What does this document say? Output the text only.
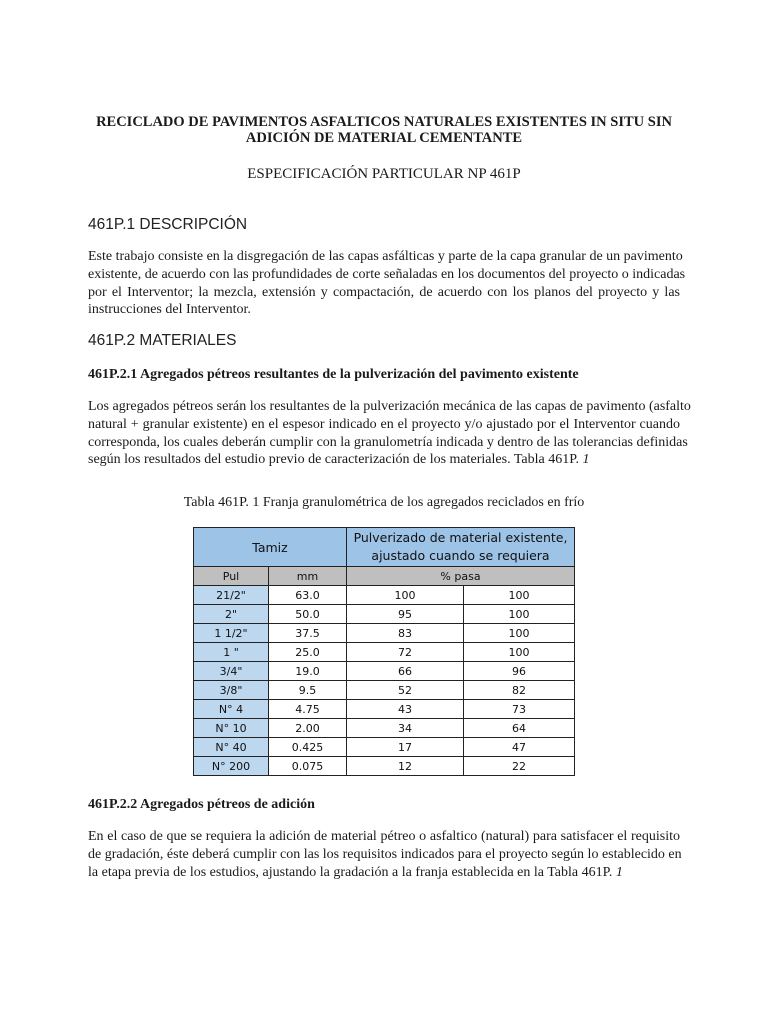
RECICLADO DE PAVIMENTOS ASFALTICOS NATURALES EXISTENTES IN SITU SIN
ADICIÓN DE MATERIAL CEMENTANTE
ESPECIFICACIÓN PARTICULAR NP 461P
461P.1 DESCRIPCIÓN
Este trabajo consiste en la disgregación de las capas asfálticas y parte de la capa granular de un pavimento
existente, de acuerdo con las profundidades de corte señaladas en los documentos del proyecto o indicadas
por el Interventor; la mezcla, extensión y compactación, de acuerdo con los planos del proyecto y las
instrucciones del Interventor.
461P.2 MATERIALES
461P.2.1 Agregados pétreos resultantes de la pulverización del pavimento existente
Los agregados pétreos serán los resultantes de la pulverización mecánica de las capas de pavimento (asfalto
natural + granular existente) en el espesor indicado en el proyecto y/o ajustado por el Interventor cuando
corresponda, los cuales deberán cumplir con la granulometría indicada y dentro de las tolerancias definidas
según los resultados del estudio previo de caracterización de los materiales. Tabla 461P. 1
Tabla 461P. 1 Franja granulométrica de los agregados reciclados en frío
Tamiz		Pulverizado de material existente,
ajustado cuando se requiera	

Pul	mm	% pasa	
21/2"	63.0	100	100
2"	50.0	95	100
1 1/2"	37.5	83	100
1 "	25.0	72	100
3/4"	19.0	66	96
3/8"	9.5	52	82
N° 4	4.75	43	73
N° 10	2.00	34	64
N° 40	0.425	17	47
N° 200	0.075	12	22
461P.2.2 Agregados pétreos de adición
En el caso de que se requiera la adición de material pétreo o asfaltico (natural) para satisfacer el requisito
de gradación, éste deberá cumplir con las los requisitos indicados para el proyecto según lo establecido en
la etapa previa de los estudios, ajustando la gradación a la franja establecida en la Tabla 461P. 1
